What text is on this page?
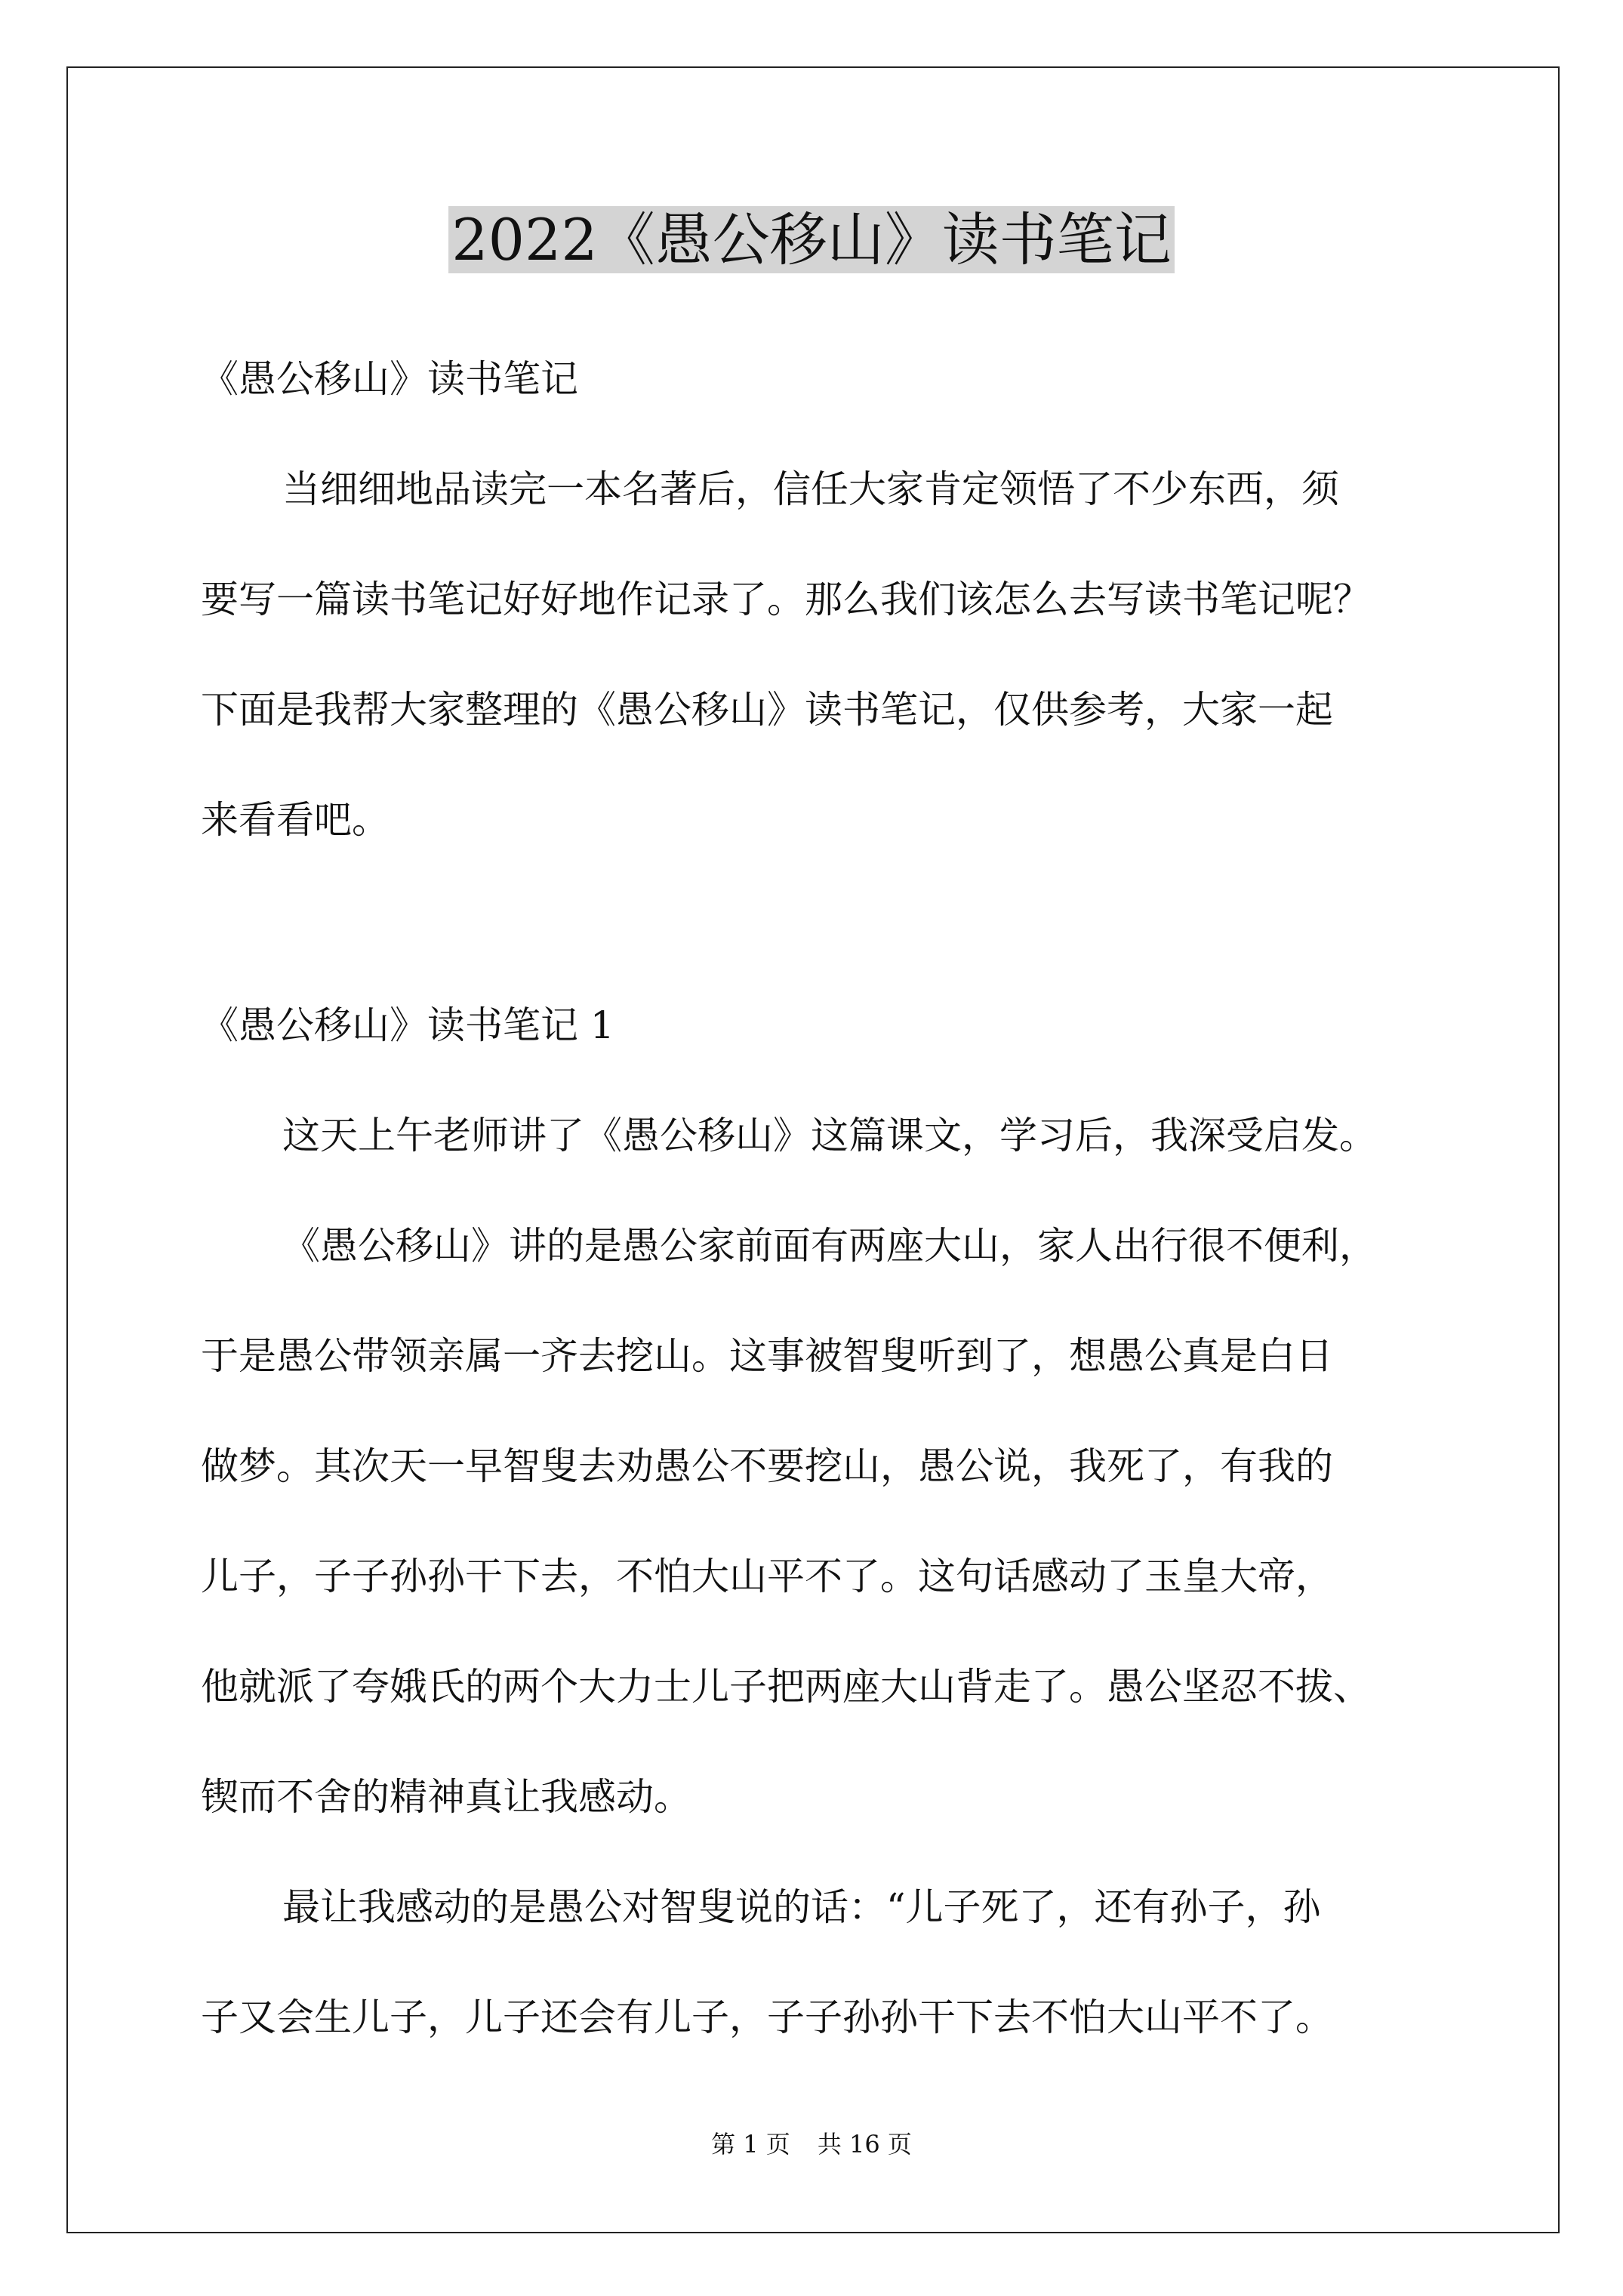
2022《愚公移山》读书笔记
《愚公移山》读书笔记
当细细地品读完一本名著后，信任大家肯定领悟了不少东西，须
要写一篇读书笔记好好地作记录了。那么我们该怎么去写读书笔记呢？
下面是我帮大家整理的《愚公移山》读书笔记，仅供参考，大家一起
来看看吧。
《愚公移山》读书笔记 1
这天上午老师讲了《愚公移山》这篇课文，学习后，我深受启发。
《愚公移山》讲的是愚公家前面有两座大山，家人出行很不便利，
于是愚公带领亲属一齐去挖山。这事被智叟听到了，想愚公真是白日
做梦。其次天一早智叟去劝愚公不要挖山，愚公说，我死了，有我的
儿子，子子孙孙干下去，不怕大山平不了。这句话感动了玉皇大帝，
他就派了夸娥氏的两个大力士儿子把两座大山背走了。愚公坚忍不拔、
锲而不舍的精神真让我感动。
最让我感动的是愚公对智叟说的话：“儿子死了，还有孙子，孙
子又会生儿子，儿子还会有儿子，子子孙孙干下去不怕大山平不了。
第 1 页 共 16 页
